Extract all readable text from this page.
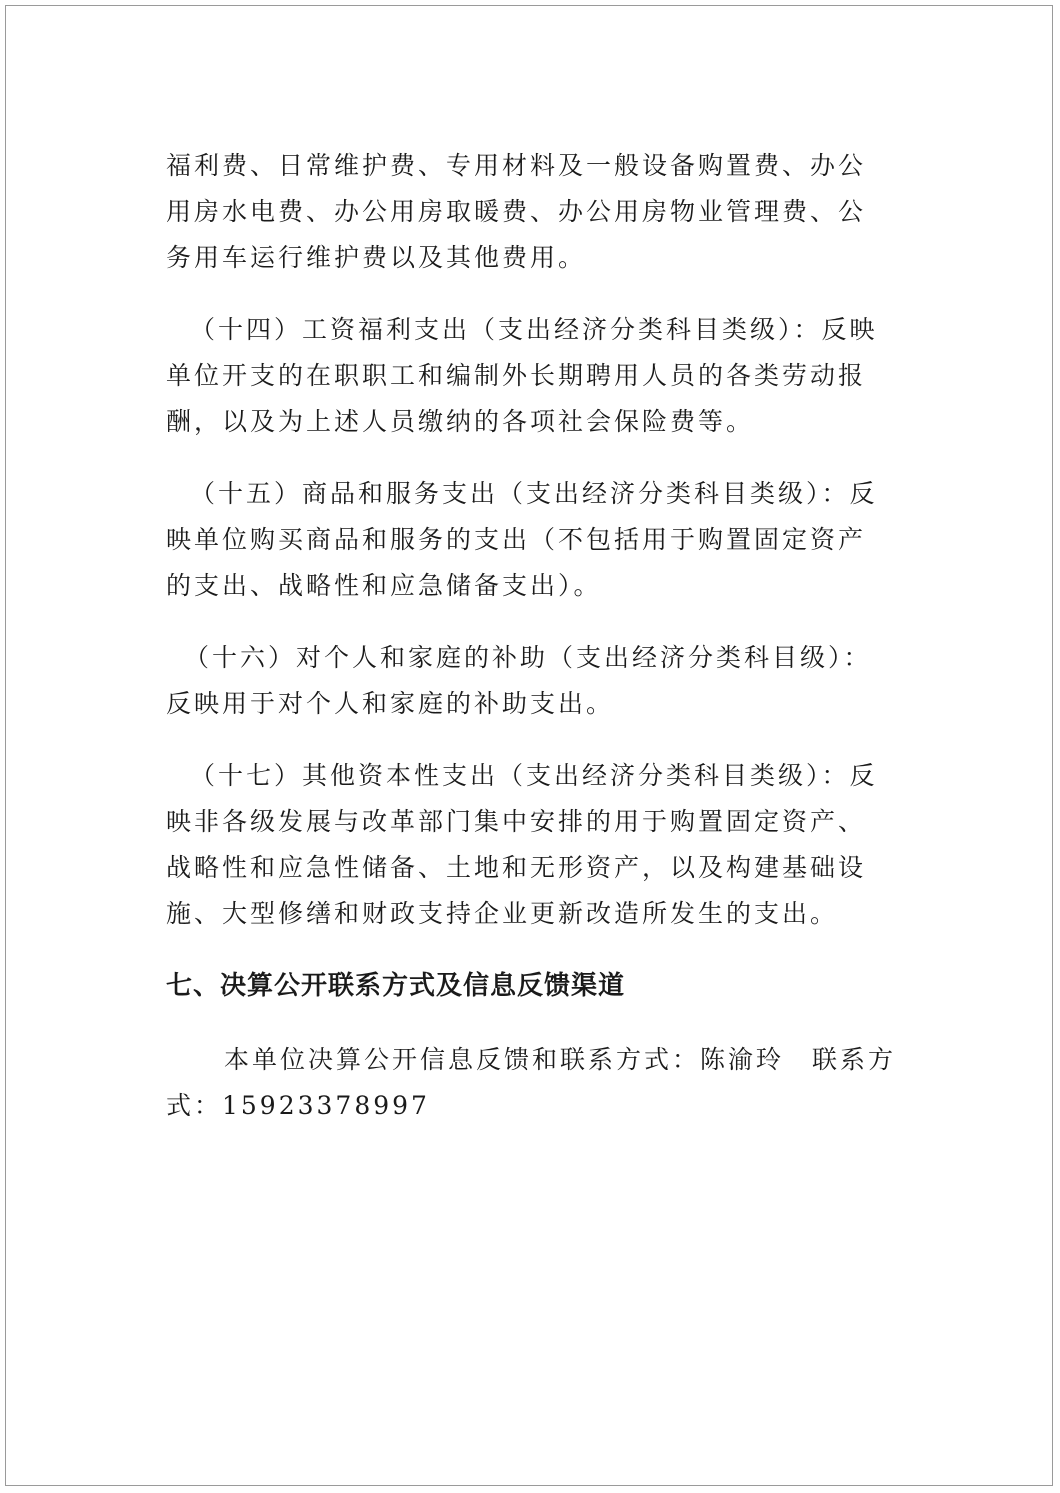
福利费、日常维护费、专用材料及一般设备购置费、办公
用房水电费、办公用房取暖费、办公用房物业管理费、公
务用车运行维护费以及其他费用。
（十四）工资福利支出（支出经济分类科目类级）：反映
单位开支的在职职工和编制外长期聘用人员的各类劳动报
酬，以及为上述人员缴纳的各项社会保险费等。
（十五）商品和服务支出（支出经济分类科目类级）：反
映单位购买商品和服务的支出（不包括用于购置固定资产
的支出、战略性和应急储备支出）。
（十六）对个人和家庭的补助（支出经济分类科目级）：
反映用于对个人和家庭的补助支出。
（十七）其他资本性支出（支出经济分类科目类级）：反
映非各级发展与改革部门集中安排的用于购置固定资产、
战略性和应急性储备、土地和无形资产，以及构建基础设
施、大型修缮和财政支持企业更新改造所发生的支出。
七、决算公开联系方式及信息反馈渠道
本单位决算公开信息反馈和联系方式：陈渝玲　联系方
式：15923378997
